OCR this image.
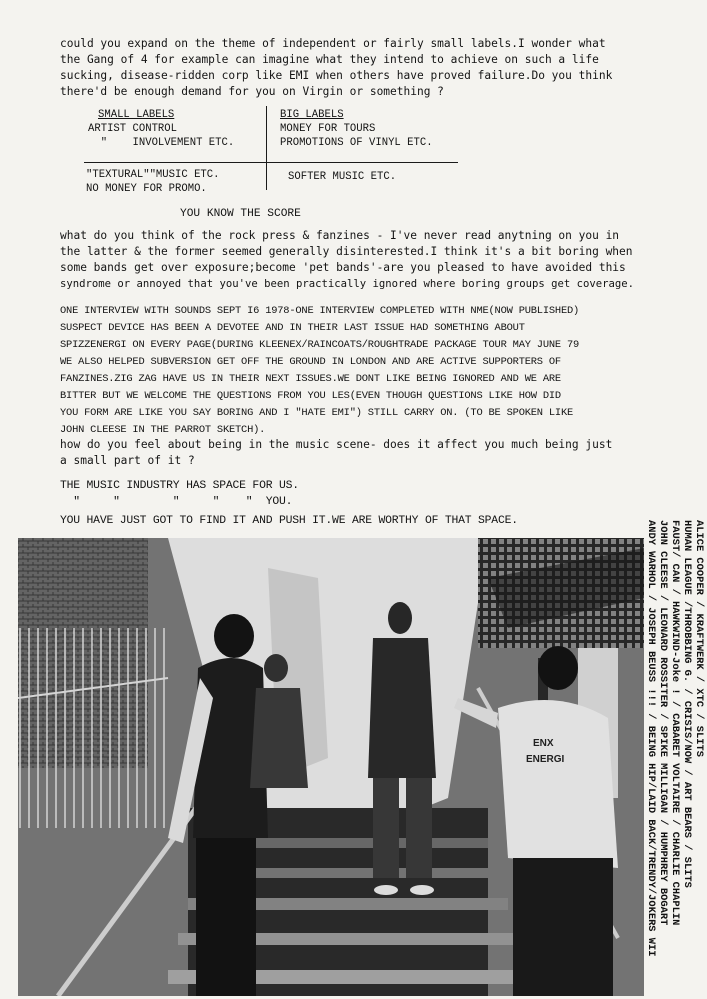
could you expand on the theme of independent or fairly small labels.I wonder what
the Gang of 4 for example can imagine what they intend to achieve on such a life
sucking, disease-ridden corp like EMI when others have proved failure.Do you think
there'd be enough demand for you on Virgin or something ?
SMALL LABELS
ARTIST CONTROL
"    INVOLVEMENT ETC.
BIG LABELS
MONEY FOR TOURS
PROMOTIONS OF VINYL ETC.
"TEXTURAL""MUSIC ETC.
NO MONEY FOR PROMO.
SOFTER MUSIC ETC.
YOU KNOW THE SCORE
what do you think of the rock press & fanzines - I've never read anytning on you in
the latter & the former seemed generally disinterested.I think it's a bit boring when
some bands get over exposure;become 'pet bands'-are you pleased to have avoided this
syndrome or annoyed that you've been practically ignored where boring groups get coverage.
ONE INTERVIEW WITH SOUNDS SEPT I6 1978-ONE INTERVIEW COMPLETED WITH NME(NOW PUBLISHED)
SUSPECT DEVICE HAS BEEN A DEVOTEE AND IN THEIR LAST ISSUE HAD SOMETHING ABOUT
SPIZZENERGI ON EVERY PAGE(DURING KLEENEX/RAINCOATS/ROUGHTRADE PACKAGE TOUR MAY JUNE 79
WE ALSO HELPED SUBVERSION GET OFF THE GROUND IN LONDON AND ARE ACTIVE SUPPORTERS OF
FANZINES.ZIG ZAG HAVE US IN THEIR NEXT ISSUES.WE DONT LIKE BEING IGNORED AND WE ARE
BITTER BUT WE WELCOME THE QUESTIONS FROM YOU LES(EVEN THOUGH QUESTIONS LIKE HOW DID
YOU FORM ARE LIKE YOU SAY BORING AND I "HATE EMI") STILL CARRY ON. (TO BE SPOKEN LIKE
JOHN CLEESE IN THE PARROT SKETCH).
how do you feel about being in the music scene- does it affect you much being just
a small part of it ?
THE MUSIC INDUSTRY HAS SPACE FOR US.
"     "        "     "    "  YOU.
YOU HAVE JUST GOT TO FIND IT AND PUSH IT.WE ARE WORTHY OF THAT SPACE.
ENX
ENERGI
ALICE COOPER / KRAFTWERK / XTC / SLITS
HUMAN LEAGUE /THROBBING G. / CRISIS/NOW / ART BEARS / SLITS
FAUST/ CAN / HAWKWIND-Joke ! / CABARET VOLTAIRE / CHARLIE CHAPLIN
JOHN CLEESE / LEONARD ROSSITER / SPIKE MILLIGAN / HUMPHREY BOGART
ANDY WARHOL / JOSEPH BEUSS !!! / BEING HIP/LAID BACK/TRENDY/JOKERS WII
